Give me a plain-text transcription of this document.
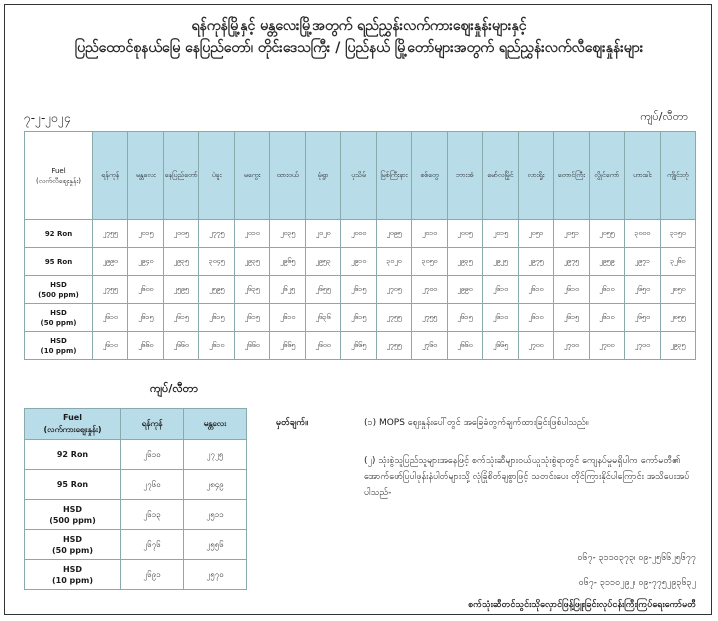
ရန်ကုန်မြို့နှင့် မန္တလေးမြို့အတွက် ရည်ညွှန်းလက်ကားဈေးနှုန်းများနှင့်
ပြည်ထောင်စုနယ်မြေ နေပြည်တော်၊ တိုင်းဒေသကြီး / ပြည်နယ် မြို့တော်များအတွက် ရည်ညွှန်းလက်လီဈေးနှုန်းများ
၇-၂-၂၀၂၄	ကျပ်/လီတာ
Fuel
(လက်လီဈေးနှုန်း)	ရန်ကုန်	မန္တလေး	နေပြည်တော်	ပဲခူး	မကွေး	ထားဝယ်	မုံရွာ	ပုသိမ်	မြစ်ကြီးနား	စစ်တွေ	ဘားအံ	မော်လမြိုင်	လားရှိုး	တောင်ကြီး	လွိုင်ကော်	ဟားခါး	ကျိုင်းတုံ

92 Ron	၂၇၅၅	၂၀၁၅	၂၀၀၅	၂၇၇၅	၂၀၁၀	၂၀၃၅	၂၀၂၀	၂၀၀၀	၂၀၉၅	၂၀၁၀	၂၀၀၅	၂၀၁၅	၂၀၅၁	၂၀၅၁	၂၀၅၅	၃၀၀၀	၃၁၅၀

95 Ron	၂၉၉၀	၂၉၄၀	၂၉၃၅	၃၀၄၅	၂၉၃၅	၂၉၆၅	၂၉၅၃	၂၉၁၀	၃၀၂၀	၃၀၅၀	၂၉၃၅	၂၉၂၅	၂၉၇၅	၂၉၇၅	၂၉၅၉	၂၉၇၁	၃၂၆၀

HSD
(500 ppm)	၂၇၅၅	၂၆၀၀	၂၅၉၅	၂၅၉၅	၂၆၃၅	၂၆၂၅	၂၆၅၅	၂၆၁၅	၂၇၀၅	၂၇၀၀	၂၉၉၀	၂၆၁၀	၂၆၁၀	၂၆၁၀	၂၆၁၀	၂၆၅၀	၂၈၅၀

HSD
(50 ppm)	၂၆၁၀	၂၆၁၅	၂၆၁၅	၂၆၁၅	၂၆၁၅	၂၆၁၀	၂၆၃၆	၂၆၁၅	၂၇၅၅	၂၇၅၅	၂၆၁၅	၂၆၁၀	၂၆၁၀	၂၆၁၅	၂၆၁၀	၂၆၅၀	၂၈၅၅

HSD
(10 ppm)	၂၆၁၀	၂၆၆၀	၂၆၆၀	၂၆၁၀	၂၆၆၀	၂၆၆၅	၂၆၀၀	၂၆၆၅	၂၇၅၅	၂၇၆၀	၂၆၆၀	၂၆၆၅	၂၇၀၀	၂၇၀၀	၂၇၀၀	၂၇၀၀	၂၉၃၅
ကျပ်/လီတာ
Fuel
(လက်ကားဈေးနှုန်း)	ရန်ကုန်	မန္တလေး

92 Ron	၂၆၁၀	၂၇၂၅

95 Ron	၂၇၆၀	၂၈၄၉

HSD
(500 ppm)	၂၆၁၃	၂၅၁၁

HSD
(50 ppm)	၂၆၇၆	၂၅၅၆

HSD
(10 ppm)	၂၆၉၁	၂၅၇၀
မှတ်ချက်။	(၁) MOPS ဈေးနှုန်းပေါ်တွင် အခြေခံတွက်ချက်ထားခြင်းဖြစ်ပါသည်။
(၂) သုံးစွဲသူပြည်သူများအနေဖြင့် စက်သုံးဆီများဝယ်ယူသုံးစွဲရာတွင် ကျေနပ်မှုမရှိပါက ကော်မတီ၏ အောက်ဖော်ပြပါဖုန်းနံပါတ်များသို့ လုံခြုံစိတ်ချစွာဖြင့် သတင်းပေး တိုင်ကြားနိုင်ပါကြောင်း အသိပေးအပ်ပါသည်-
၀၆၇- ၃၁၁၀၃၇၃၊ ၀၉-၂၅၆၆၂၅၆၇၇
၀၆၇- ၃၁၁၀၂၉၂၊ ၀၉-၇၇၅၂၉၃၆၃၂
စက်သုံးဆီတင်သွင်းသိုလှောင်ဖြန့်ဖြူးခြင်းလုပ်ငန်းကြီးကြပ်ရေးကော်မတီ
